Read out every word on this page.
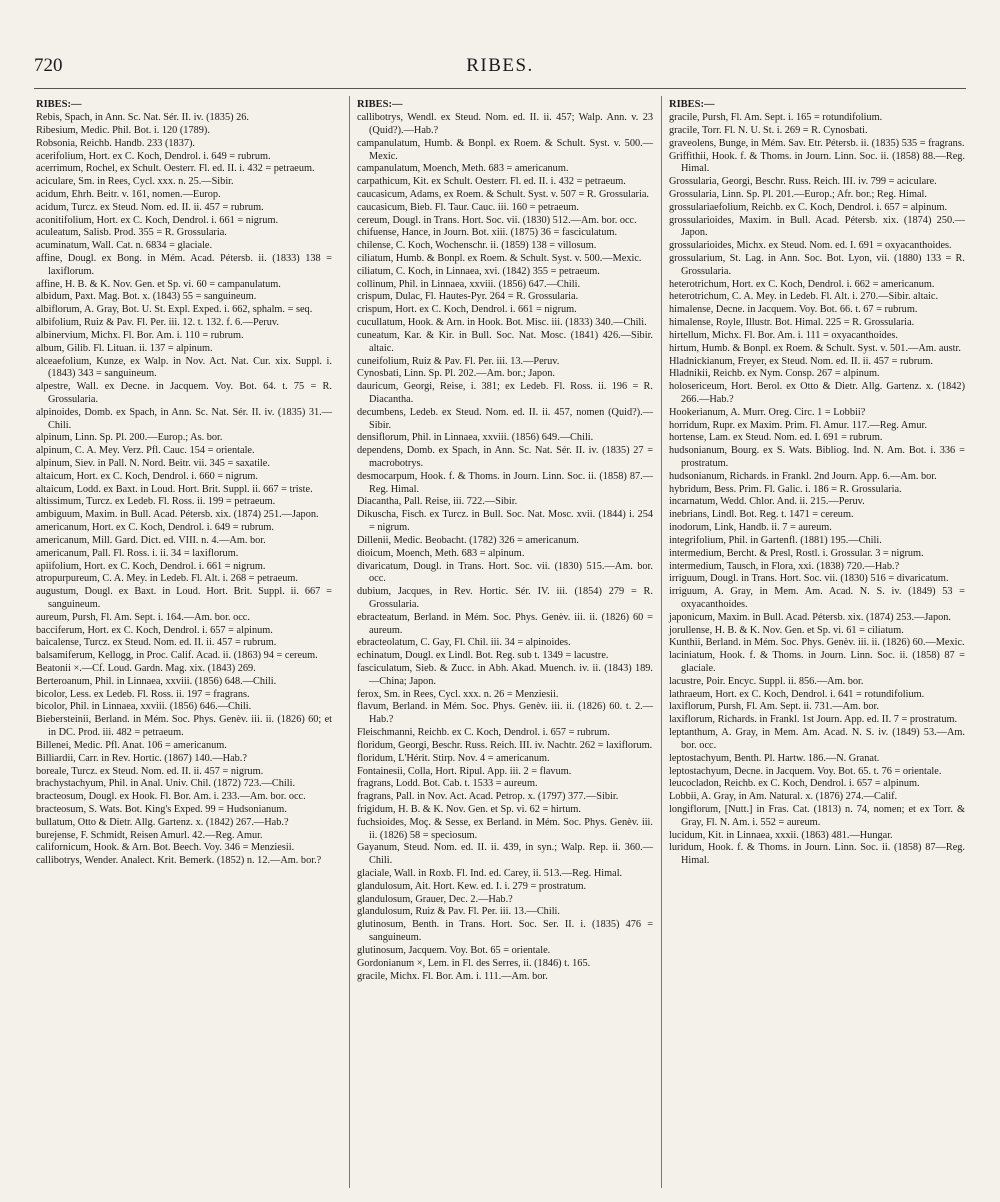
720	RIBES.
RIBES:—
Rebis, Spach, in Ann. Sc. Nat. Sér. II. iv. (1835) 26.
Ribesium, Medic. Phil. Bot. i. 120 (1789).
Robsonia, Reichb. Handb. 233 (1837).
acerifolium, Hort. ex C. Koch, Dendrol. i. 649 = rubrum.
acerrimum, Rochel, ex Schult. Oesterr. Fl. ed. II. i. 432 = petraeum.
aciculare, Sm. in Rees, Cycl. xxx. n. 25.—Sibir.
acidum, Ehrh. Beitr. v. 161, nomen.—Europ.
acidum, Turcz. ex Steud. Nom. ed. II. ii. 457 = rubrum.
aconitifolium, Hort. ex C. Koch, Dendrol. i. 661 = nigrum.
aculeatum, Salisb. Prod. 355 = R. Grossularia.
acuminatum, Wall. Cat. n. 6834 = glaciale.
affine, Dougl. ex Bong. in Mém. Acad. Pétersb. ii. (1833) 138 = laxiflorum.
affine, H. B. & K. Nov. Gen. et Sp. vi. 60 = campanulatum.
albidum, Paxt. Mag. Bot. x. (1843) 55 = sanguineum.
albiflorum, A. Gray, Bot. U. St. Expl. Exped. i. 662, sphalm. = seq.
albifolium, Ruiz & Pav. Fl. Per. iii. 12. t. 132. f. 6.—Peruv.
albinervium, Michx. Fl. Bor. Am. i. 110 = rubrum.
album, Gilib. Fl. Lituan. ii. 137 = alpinum.
alceaefolium, Kunze, ex Walp. in Nov. Act. Nat. Cur. xix. Suppl. i. (1843) 343 = sanguineum.
alpestre, Wall. ex Decne. in Jacquem. Voy. Bot. 64. t. 75 = R. Grossularia.
alpinoides, Domb. ex Spach, in Ann. Sc. Nat. Sér. II. iv. (1835) 31.—Chili.
alpinum, Linn. Sp. Pl. 200.—Europ.; As. bor.
alpinum, C. A. Mey. Verz. Pfl. Cauc. 154 = orientale.
alpinum, Siev. in Pall. N. Nord. Beitr. vii. 345 = saxatile.
altaicum, Hort. ex C. Koch, Dendrol. i. 660 = nigrum.
altaicum, Lodd. ex Baxt. in Loud. Hort. Brit. Suppl. ii. 667 = triste.
altissimum, Turcz. ex Ledeb. Fl. Ross. ii. 199 = petraeum.
ambiguum, Maxim. in Bull. Acad. Pétersb. xix. (1874) 251.—Japon.
americanum, Hort. ex C. Koch, Dendrol. i. 649 = rubrum.
americanum, Mill. Gard. Dict. ed. VIII. n. 4.—Am. bor.
americanum, Pall. Fl. Ross. i. ii. 34 = laxiflorum.
apiifolium, Hort. ex C. Koch, Dendrol. i. 661 = nigrum.
atropurpureum, C. A. Mey. in Ledeb. Fl. Alt. i. 268 = petraeum.
augustum, Dougl. ex Baxt. in Loud. Hort. Brit. Suppl. ii. 667 = sanguineum.
aureum, Pursh, Fl. Am. Sept. i. 164.—Am. bor. occ.
bacciferum, Hort. ex C. Koch, Dendrol. i. 657 = alpinum.
baicalense, Turcz. ex Steud. Nom. ed. II. ii. 457 = rubrum.
balsamiferum, Kellogg, in Proc. Calif. Acad. ii. (1863) 94 = cereum.
Beatonii ×.—Cf. Loud. Gardn. Mag. xix. (1843) 269.
Berteroanum, Phil. in Linnaea, xxviii. (1856) 648.—Chili.
bicolor, Less. ex Ledeb. Fl. Ross. ii. 197 = fragrans.
bicolor, Phil. in Linnaea, xxviii. (1856) 646.—Chili.
Biebersteinii, Berland. in Mém. Soc. Phys. Genèv. iii. ii. (1826) 60; et in DC. Prod. iii. 482 = petraeum.
Billenei, Medic. Pfl. Anat. 106 = americanum.
Billiardii, Carr. in Rev. Hortic. (1867) 140.—Hab.?
boreale, Turcz. ex Steud. Nom. ed. II. ii. 457 = nigrum.
brachystachyum, Phil. in Anal. Univ. Chil. (1872) 723.—Chili.
bracteosum, Dougl. ex Hook. Fl. Bor. Am. i. 233.—Am. bor. occ.
bracteosum, S. Wats. Bot. King's Exped. 99 = Hudsonianum.
bullatum, Otto & Dietr. Allg. Gartenz. x. (1842) 267.—Hab.?
burejense, F. Schmidt, Reisen Amurl. 42.—Reg. Amur.
californicum, Hook. & Arn. Bot. Beech. Voy. 346 = Menziesii.
callibotrys, Wender. Analect. Krit. Bemerk. (1852) n. 12.—Am. bor.?
RIBES:—
callibotrys, Wendl. ex Steud. Nom. ed. II. ii. 457; Walp. Ann. v. 23 (Quid?).—Hab.?
campanulatum, Humb. & Bonpl. ex Roem. & Schult. Syst. v. 500.—Mexic.
campanulatum, Moench, Meth. 683 = americanum.
carpathicum, Kit. ex Schult. Oesterr. Fl. ed. II. i. 432 = petraeum.
caucasicum, Adams, ex Roem. & Schult. Syst. v. 507 = R. Grossularia.
caucasicum, Bieb. Fl. Taur. Cauc. iii. 160 = petraeum.
cereum, Dougl. in Trans. Hort. Soc. vii. (1830) 512.—Am. bor. occ.
chifuense, Hance, in Journ. Bot. xiii. (1875) 36 = fasciculatum.
chilense, C. Koch, Wochenschr. ii. (1859) 138 = villosum.
ciliatum, Humb. & Bonpl. ex Roem. & Schult. Syst. v. 500.—Mexic.
ciliatum, C. Koch, in Linnaea, xvi. (1842) 355 = petraeum.
collinum, Phil. in Linnaea, xxviii. (1856) 647.—Chili.
crispum, Dulac, Fl. Hautes-Pyr. 264 = R. Grossularia.
crispum, Hort. ex C. Koch, Dendrol. i. 661 = nigrum.
cucullatum, Hook. & Arn. in Hook. Bot. Misc. iii. (1833) 340.—Chili.
cuneatum, Kar. & Kir. in Bull. Soc. Nat. Mosc. (1841) 426.—Sibir. altaic.
cuneifolium, Ruiz & Pav. Fl. Per. iii. 13.—Peruv.
Cynosbati, Linn. Sp. Pl. 202.—Am. bor.; Japon.
dauricum, Georgi, Reise, i. 381; ex Ledeb. Fl. Ross. ii. 196 = R. Diacantha.
decumbens, Ledeb. ex Steud. Nom. ed. II. ii. 457, nomen (Quid?).—Sibir.
densiflorum, Phil. in Linnaea, xxviii. (1856) 649.—Chili.
dependens, Domb. ex Spach, in Ann. Sc. Nat. Sér. II. iv. (1835) 27 = macrobotrys.
desmocarpum, Hook. f. & Thoms. in Journ. Linn. Soc. ii. (1858) 87.—Reg. Himal.
Diacantha, Pall. Reise, iii. 722.—Sibir.
Dikuscha, Fisch. ex Turcz. in Bull. Soc. Nat. Mosc. xvii. (1844) i. 254 = nigrum.
Dillenii, Medic. Beobacht. (1782) 326 = americanum.
dioicum, Moench, Meth. 683 = alpinum.
divaricatum, Dougl. in Trans. Hort. Soc. vii. (1830) 515.—Am. bor. occ.
dubium, Jacques, in Rev. Hortic. Sér. IV. iii. (1854) 279 = R. Grossularia.
ebracteatum, Berland. in Mém. Soc. Phys. Genèv. iii. ii. (1826) 60 = aureum.
ebracteolatum, C. Gay, Fl. Chil. iii. 34 = alpinoides.
echinatum, Dougl. ex Lindl. Bot. Reg. sub t. 1349 = lacustre.
fasciculatum, Sieb. & Zucc. in Abh. Akad. Muench. iv. ii. (1843) 189.—China; Japon.
ferox, Sm. in Rees, Cycl. xxx. n. 26 = Menziesii.
flavum, Berland. in Mém. Soc. Phys. Genèv. iii. ii. (1826) 60. t. 2.—Hab.?
Fleischmanni, Reichb. ex C. Koch, Dendrol. i. 657 = rubrum.
floridum, Georgi, Beschr. Russ. Reich. III. iv. Nachtr. 262 = laxiflorum.
floridum, L'Hérit. Stirp. Nov. 4 = americanum.
Fontainesii, Colla, Hort. Ripul. App. iii. 2 = flavum.
fragrans, Lodd. Bot. Cab. t. 1533 = aureum.
fragrans, Pall. in Nov. Act. Acad. Petrop. x. (1797) 377.—Sibir.
frigidum, H. B. & K. Nov. Gen. et Sp. vi. 62 = hirtum.
fuchsioides, Moç. & Sesse, ex Berland. in Mém. Soc. Phys. Genèv. iii. ii. (1826) 58 = speciosum.
Gayanum, Steud. Nom. ed. II. ii. 439, in syn.; Walp. Rep. ii. 360.—Chili.
glaciale, Wall. in Roxb. Fl. Ind. ed. Carey, ii. 513.—Reg. Himal.
glandulosum, Ait. Hort. Kew. ed. I. i. 279 = prostratum.
glandulosum, Grauer, Dec. 2.—Hab.?
glandulosum, Ruiz & Pav. Fl. Per. iii. 13.—Chili.
glutinosum, Benth. in Trans. Hort. Soc. Ser. II. i. (1835) 476 = sanguineum.
glutinosum, Jacquem. Voy. Bot. 65 = orientale.
Gordonianum ×, Lem. in Fl. des Serres, ii. (1846) t. 165.
gracile, Michx. Fl. Bor. Am. i. 111.—Am. bor.
RIBES:—
gracile, Pursh, Fl. Am. Sept. i. 165 = rotundifolium.
gracile, Torr. Fl. N. U. St. i. 269 = R. Cynosbati.
graveolens, Bunge, in Mém. Sav. Etr. Pétersb. ii. (1835) 535 = fragrans.
Griffithii, Hook. f. & Thoms. in Journ. Linn. Soc. ii. (1858) 88.—Reg. Himal.
Grossularia, Georgi, Beschr. Russ. Reich. III. iv. 799 = aciculare.
Grossularia, Linn. Sp. Pl. 201.—Europ.; Afr. bor.; Reg. Himal.
grossulariaefolium, Reichb. ex C. Koch, Dendrol. i. 657 = alpinum.
grossularioides, Maxim. in Bull. Acad. Pétersb. xix. (1874) 250.—Japon.
grossularioides, Michx. ex Steud. Nom. ed. I. 691 = oxyacanthoides.
grossularium, St. Lag. in Ann. Soc. Bot. Lyon, vii. (1880) 133 = R. Grossularia.
heterotrichum, Hort. ex C. Koch, Dendrol. i. 662 = americanum.
heterotrichum, C. A. Mey. in Ledeb. Fl. Alt. i. 270.—Sibir. altaic.
himalense, Decne. in Jacquem. Voy. Bot. 66. t. 67 = rubrum.
himalense, Royle, Illustr. Bot. Himal. 225 = R. Grossularia.
hirtellum, Michx. Fl. Bor. Am. i. 111 = oxyacanthoides.
hirtum, Humb. & Bonpl. ex Roem. & Schult. Syst. v. 501.—Am. austr.
Hladnickianum, Freyer, ex Steud. Nom. ed. II. ii. 457 = rubrum.
Hladnikii, Reichb. ex Nym. Consp. 267 = alpinum.
holosericeum, Hort. Berol. ex Otto & Dietr. Allg. Gartenz. x. (1842) 266.—Hab.?
Hookerianum, A. Murr. Oreg. Circ. 1 = Lobbii?
horridum, Rupr. ex Maxim. Prim. Fl. Amur. 117.—Reg. Amur.
hortense, Lam. ex Steud. Nom. ed. I. 691 = rubrum.
hudsonianum, Bourg. ex S. Wats. Bibliog. Ind. N. Am. Bot. i. 336 = prostratum.
hudsonianum, Richards. in Frankl. 2nd Journ. App. 6.—Am. bor.
hybridum, Bess. Prim. Fl. Galic. i. 186 = R. Grossularia.
incarnatum, Wedd. Chlor. And. ii. 215.—Peruv.
inebrians, Lindl. Bot. Reg. t. 1471 = cereum.
inodorum, Link, Handb. ii. 7 = aureum.
integrifolium, Phil. in Gartenfl. (1881) 195.—Chili.
intermedium, Bercht. & Presl, Rostl. i. Grossular. 3 = nigrum.
intermedium, Tausch, in Flora, xxi. (1838) 720.—Hab.?
irriguum, Dougl. in Trans. Hort. Soc. vii. (1830) 516 = divaricatum.
irriguum, A. Gray, in Mem. Am. Acad. N. S. iv. (1849) 53 = oxyacanthoides.
japonicum, Maxim. in Bull. Acad. Pétersb. xix. (1874) 253.—Japon.
jorullense, H. B. & K. Nov. Gen. et Sp. vi. 61 = ciliatum.
Kunthii, Berland. in Mém. Soc. Phys. Genèv. iii. ii. (1826) 60.—Mexic.
laciniatum, Hook. f. & Thoms. in Journ. Linn. Soc. ii. (1858) 87 = glaciale.
lacustre, Poir. Encyc. Suppl. ii. 856.—Am. bor.
lathraeum, Hort. ex C. Koch, Dendrol. i. 641 = rotundifolium.
laxiflorum, Pursh, Fl. Am. Sept. ii. 731.—Am. bor.
laxiflorum, Richards. in Frankl. 1st Journ. App. ed. II. 7 = prostratum.
leptanthum, A. Gray, in Mem. Am. Acad. N. S. iv. (1849) 53.—Am. bor. occ.
leptostachyum, Benth. Pl. Hartw. 186.—N. Granat.
leptostachyum, Decne. in Jacquem. Voy. Bot. 65. t. 76 = orientale.
leucocladon, Reichb. ex C. Koch, Dendrol. i. 657 = alpinum.
Lobbii, A. Gray, in Am. Natural. x. (1876) 274.—Calif.
longiflorum, [Nutt.] in Fras. Cat. (1813) n. 74, nomen; et ex Torr. & Gray, Fl. N. Am. i. 552 = aureum.
lucidum, Kit. in Linnaea, xxxii. (1863) 481.—Hungar.
luridum, Hook. f. & Thoms. in Journ. Linn. Soc. ii. (1858) 87—Reg. Himal.
